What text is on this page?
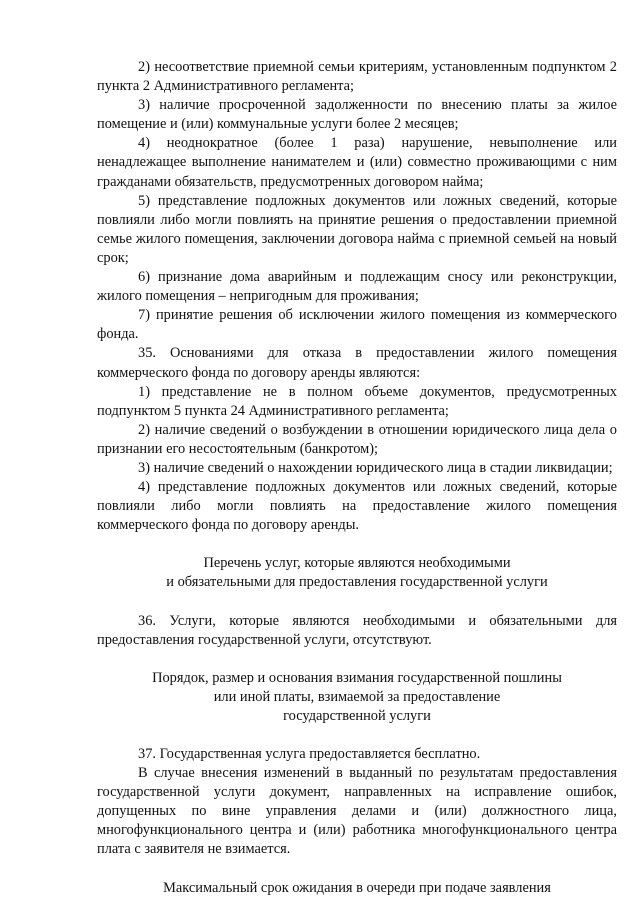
2) несоответствие приемной семьи критериям, установленным подпунктом 2 пункта 2 Административного регламента;

3) наличие просроченной задолженности по внесению платы за жилое помещение и (или) коммунальные услуги более 2 месяцев;

4) неоднократное (более 1 раза) нарушение, невыполнение или ненадлежащее выполнение нанимателем и (или) совместно проживающими с ним гражданами обязательств, предусмотренных договором найма;

5) представление подложных документов или ложных сведений, которые повлияли либо могли повлиять на принятие решения о предоставлении приемной семье жилого помещения, заключении договора найма с приемной семьей на новый срок;

6) признание дома аварийным и подлежащим сносу или реконструкции, жилого помещения – непригодным для проживания;

7) принятие решения об исключении жилого помещения из коммерческого фонда.

35. Основаниями для отказа в предоставлении жилого помещения коммерческого фонда по договору аренды являются:

1) представление не в полном объеме документов, предусмотренных подпунктом 5 пункта 24 Административного регламента;

2) наличие сведений о возбуждении в отношении юридического лица дела о признании его несостоятельным (банкротом);

3) наличие сведений о нахождении юридического лица в стадии ликвидации;

4) представление подложных документов или ложных сведений, которые повлияли либо могли повлиять на предоставление жилого помещения коммерческого фонда по договору аренды.

Перечень услуг, которые являются необходимыми
и обязательными для предоставления государственной услуги

36. Услуги, которые являются необходимыми и обязательными для предоставления государственной услуги, отсутствуют.

Порядок, размер и основания взимания государственной пошлины
или иной платы, взимаемой за предоставление
государственной услуги

37. Государственная услуга предоставляется бесплатно.

В случае внесения изменений в выданный по результатам предоставления государственной услуги документ, направленных на исправление ошибок, допущенных по вине управления делами и (или) должностного лица, многофункционального центра и (или) работника многофункционального центра плата с заявителя не взимается.

Максимальный срок ожидания в очереди при подаче заявления
